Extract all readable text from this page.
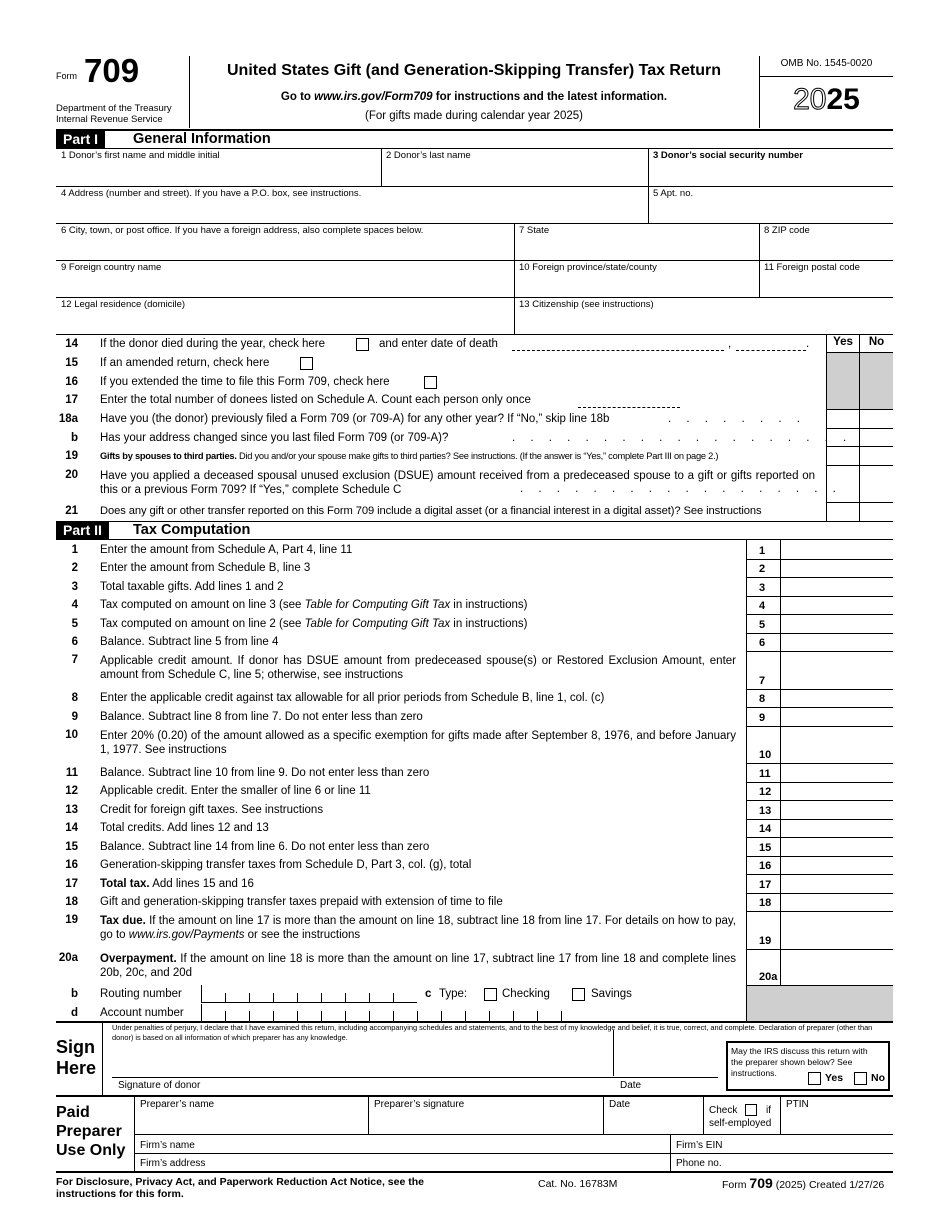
Form 709
Department of the Treasury
Internal Revenue Service
United States Gift (and Generation-Skipping Transfer) Tax Return
Go to www.irs.gov/Form709 for instructions and the latest information.
(For gifts made during calendar year 2025)
OMB No. 1545-0020
2025
Part I	General Information
1 Donor’s first name and middle initial	2 Donor’s last name	3 Donor’s social security number
4 Address (number and street). If you have a P.O. box, see instructions.	5 Apt. no.
6 City, town, or post office. If you have a foreign address, also complete spaces below.	7 State	8 ZIP code
9 Foreign country name	10 Foreign province/state/county	11 Foreign postal code
12 Legal residence (domicile)	13 Citizenship (see instructions)
Yes	No
14 If the donor died during the year, check here	and enter date of death	,	.
15 If an amended return, check here
16 If you extended the time to file this Form 709, check here
17 Enter the total number of donees listed on Schedule A. Count each person only once
18a Have you (the donor) previously filed a Form 709 (or 709-A) for any other year? If “No,” skip line 18b	. . . . . . . .
b Has your address changed since you last filed Form 709 (or 709-A)?	. . . . . . . . . . . . . . . . . . .
19 Gifts by spouses to third parties. Did you and/or your spouse make gifts to third parties? See instructions. (If the answer is “Yes,” complete Part III on page 2.)
20 Have you applied a deceased spousal unused exclusion (DSUE) amount received from a predeceased spouse to a gift or gifts reported on this or a previous Form 709? If “Yes,” complete Schedule C	. . . . . . . . . . . . . . . . . .
21 Does any gift or other transfer reported on this Form 709 include a digital asset (or a financial interest in a digital asset)? See instructions
Part II	Tax Computation
1 Enter the amount from Schedule A, Part 4, line 11	1
2 Enter the amount from Schedule B, line 3	2
3 Total taxable gifts. Add lines 1 and 2	3
4 Tax computed on amount on line 3 (see Table for Computing Gift Tax in instructions)	4
5 Tax computed on amount on line 2 (see Table for Computing Gift Tax in instructions)	5
6 Balance. Subtract line 5 from line 4	6
7 Applicable credit amount. If donor has DSUE amount from predeceased spouse(s) or Restored Exclusion Amount, enter amount from Schedule C, line 5; otherwise, see instructions	7
8 Enter the applicable credit against tax allowable for all prior periods from Schedule B, line 1, col. (c)	8
9 Balance. Subtract line 8 from line 7. Do not enter less than zero	9
10 Enter 20% (0.20) of the amount allowed as a specific exemption for gifts made after September 8, 1976, and before January 1, 1977. See instructions	10
11 Balance. Subtract line 10 from line 9. Do not enter less than zero	11
12 Applicable credit. Enter the smaller of line 6 or line 11	12
13 Credit for foreign gift taxes. See instructions	13
14 Total credits. Add lines 12 and 13	14
15 Balance. Subtract line 14 from line 6. Do not enter less than zero	15
16 Generation-skipping transfer taxes from Schedule D, Part 3, col. (g), total	16
17 Total tax. Add lines 15 and 16	17
18 Gift and generation-skipping transfer taxes prepaid with extension of time to file	18
19 Tax due. If the amount on line 17 is more than the amount on line 18, subtract line 18 from line 17. For details on how to pay, go to www.irs.gov/Payments or see the instructions	19
20a Overpayment. If the amount on line 18 is more than the amount on line 17, subtract line 17 from line 18 and complete lines 20b, 20c, and 20d	20a
b Routing number	c Type:	Checking	Savings
d Account number
Sign
Here
Under penalties of perjury, I declare that I have examined this return, including accompanying schedules and statements, and to the best of my knowledge and belief, it is true, correct, and complete. Declaration of preparer (other than donor) is based on all information of which preparer has any knowledge.
Signature of donor	Date
May the IRS discuss this return with the preparer shown below? See instructions.	Yes	No
Paid
Preparer
Use Only
Preparer’s name	Preparer’s signature	Date
Check	if
self-employed
PTIN
Firm’s name	Firm’s EIN
Firm’s address	Phone no.
For Disclosure, Privacy Act, and Paperwork Reduction Act Notice, see the instructions for this form.
Cat. No. 16783M	Form 709 (2025) Created 1/27/26
